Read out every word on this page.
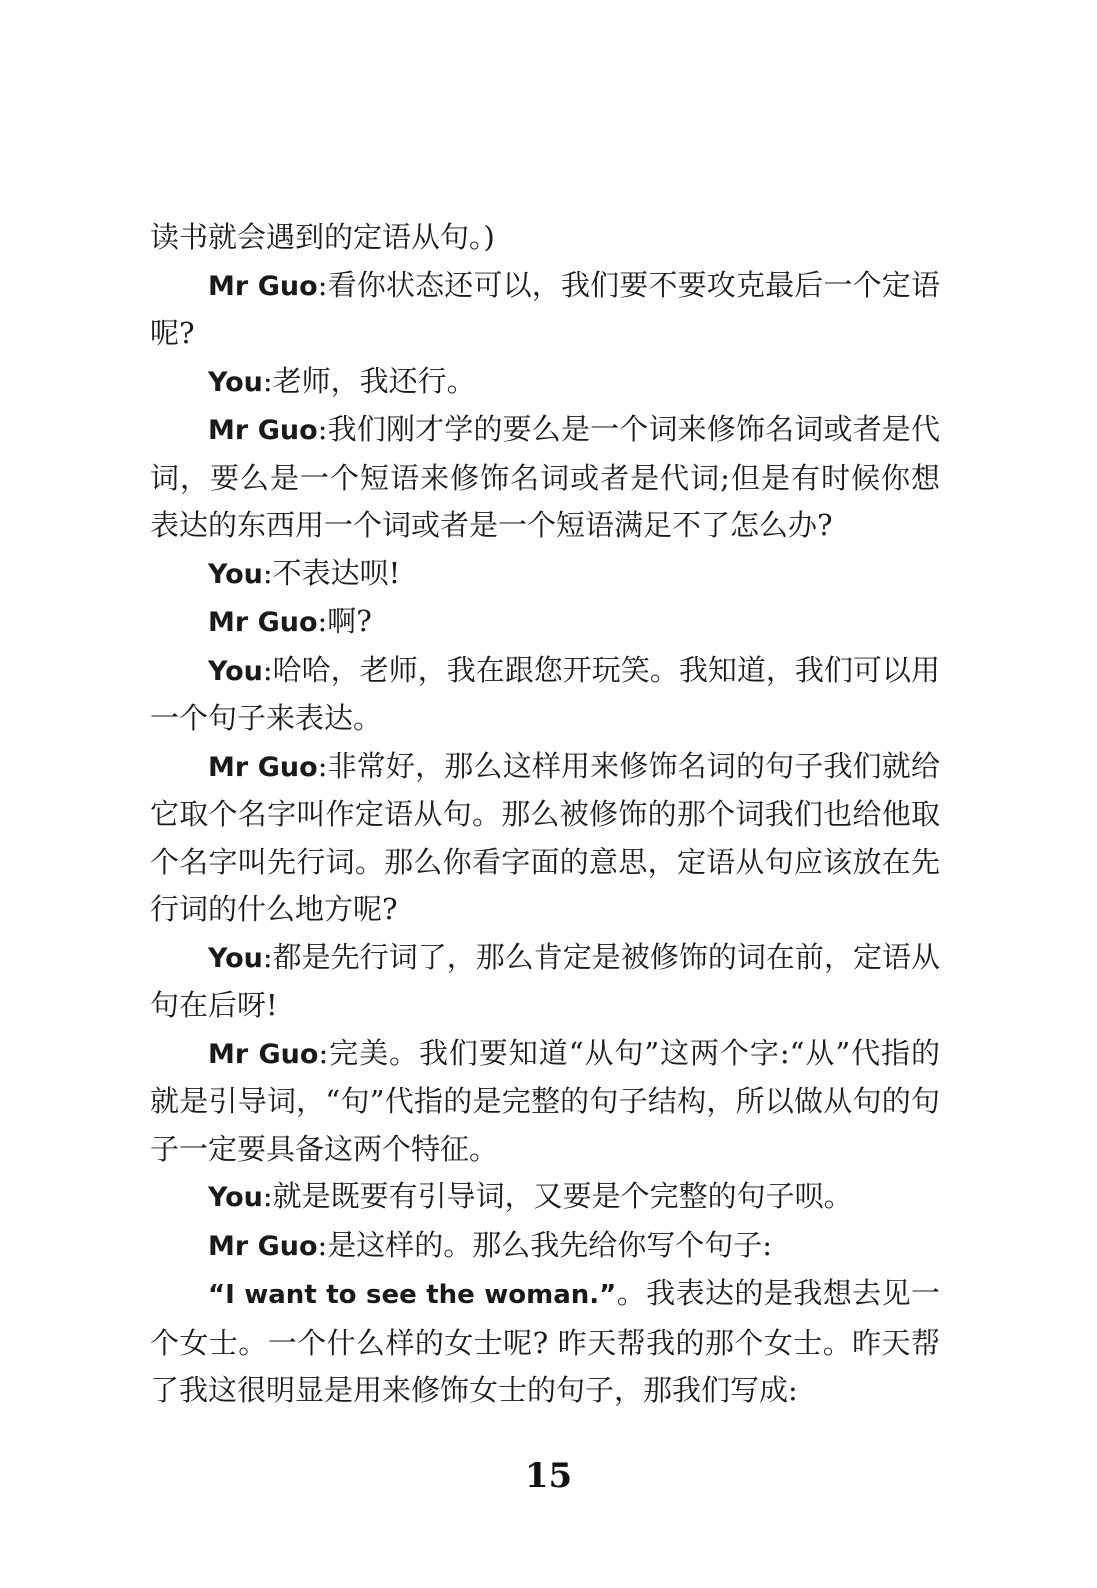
读书就会遇到的定语从句。)

Mr Guo:看你状态还可以，我们要不要攻克最后一个定语呢?

You:老师，我还行。

Mr Guo:我们刚才学的要么是一个词来修饰名词或者是代词，要么是一个短语来修饰名词或者是代词;但是有时候你想表达的东西用一个词或者是一个短语满足不了怎么办?

You:不表达呗!

Mr Guo:啊?

You:哈哈，老师，我在跟您开玩笑。我知道，我们可以用一个句子来表达。

Mr Guo:非常好，那么这样用来修饰名词的句子我们就给它取个名字叫作定语从句。那么被修饰的那个词我们也给他取个名字叫先行词。那么你看字面的意思，定语从句应该放在先行词的什么地方呢?

You:都是先行词了，那么肯定是被修饰的词在前，定语从句在后呀!

Mr Guo:完美。我们要知道“从句”这两个字:“从”代指的就是引导词，“句”代指的是完整的句子结构，所以做从句的句子一定要具备这两个特征。

You:就是既要有引导词，又要是个完整的句子呗。

Mr Guo:是这样的。那么我先给你写个句子:

“I want to see the woman.”。我表达的是我想去见一个女士。一个什么样的女士呢? 昨天帮我的那个女士。昨天帮了我这很明显是用来修饰女士的句子，那我们写成:

15
